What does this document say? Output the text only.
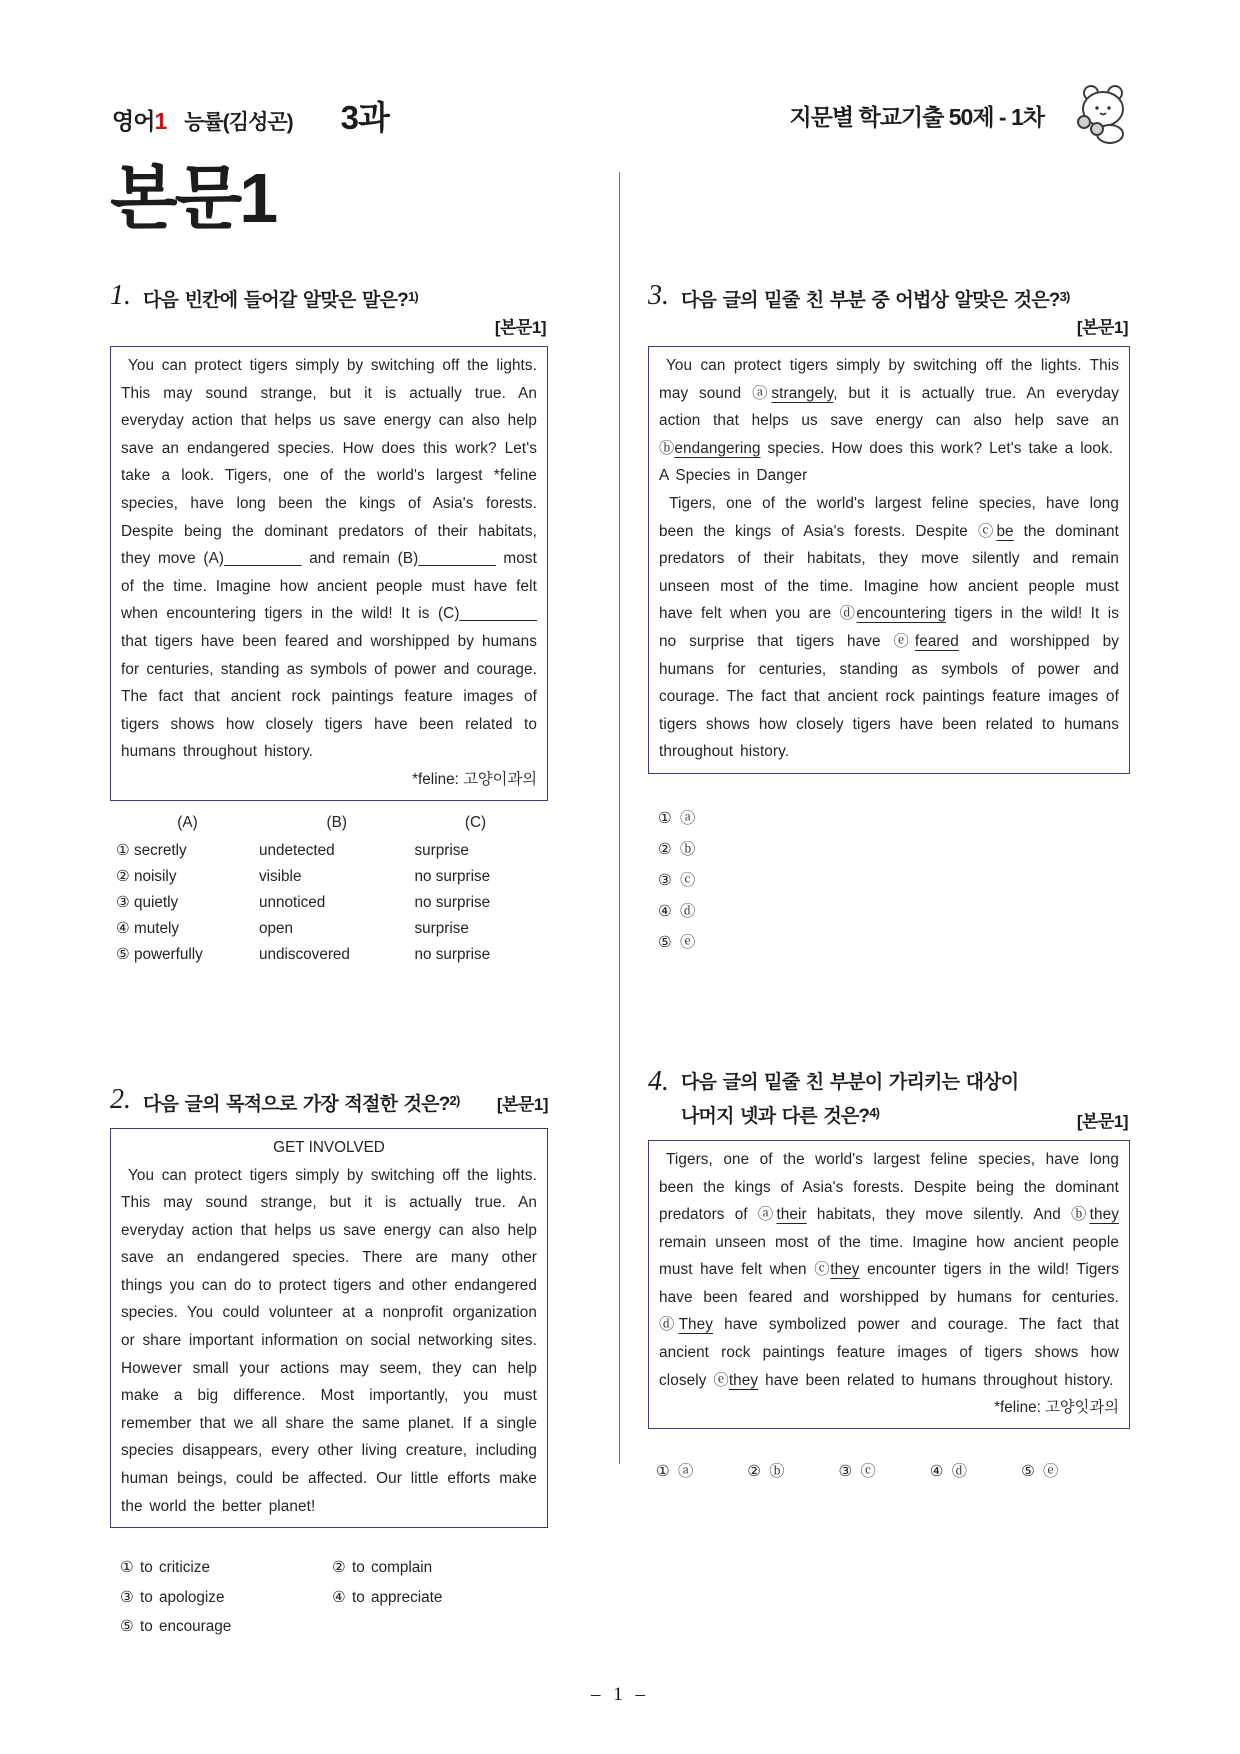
영어1 능률(김성곤) 3과	지문별 학교기출 50제 - 1차
본문1
1. 다음 빈칸에 들어갈 알맞은 말은?$^{1)}$
[본문1]

You can protect tigers simply by switching off the lights. This may sound strange, but it is actually true. An everyday action that helps us save energy can also help save an endangered species. How does this work? Let's take a look. Tigers, one of the world's largest *feline species, have long been the kings of Asia's forests. Despite being the dominant predators of their habitats, they move (A)_________ and remain (B)_________ most of the time. Imagine how ancient people must have felt when encountering tigers in the wild! It is (C)_________ that tigers have been feared and worshipped by humans for centuries, standing as symbols of power and courage. The fact that ancient rock paintings feature images of tigers shows how closely tigers have been related to humans throughout history.

*feline: 고양이과의
(A)	(B)	(C)
① secretly	undetected	surprise
② noisily	visible	no surprise
③ quietly	unnoticed	no surprise
④ mutely	open	surprise
⑤ powerfully	undiscovered	no surprise
2. 다음 글의 목적으로 가장 적절한 것은?$^{2)}$ [본문1]
GET INVOLVED

You can protect tigers simply by switching off the lights. This may sound strange, but it is actually true. An everyday action that helps us save energy can also help save an endangered species. There are many other things you can do to protect tigers and other endangered species. You could volunteer at a nonprofit organization or share important information on social networking sites. However small your actions may seem, they can help make a big difference. Most importantly, you must remember that we all share the same planet. If a single species disappears, every other living creature, including human beings, could be affected. Our little efforts make the world the better planet!

① to criticize	② to complain
③ to apologize	④ to appreciate
⑤ to encourage
3. 다음 글의 밑줄 친 부분 중 어법상 알맞은 것은?$^{3)}$
[본문1]

You can protect tigers simply by switching off the lights. This may sound ⓐstrangely, but it is actually true. An everyday action that helps us save energy can also help save an ⓑendangering species. How does this work? Let's take a look.
A Species in Danger
Tigers, one of the world's largest feline species, have long been the kings of Asia's forests. Despite ⓒbe the dominant predators of their habitats, they move silently and remain unseen most of the time. Imagine how ancient people must have felt when you are ⓓencountering tigers in the wild! It is no surprise that tigers have ⓔfeared and worshipped by humans for centuries, standing as symbols of power and courage. The fact that ancient rock paintings feature images of tigers shows how closely tigers have been related to humans throughout history.

① ⓐ
② ⓑ
③ ⓒ
④ ⓓ
⑤ ⓔ
4. 다음 글의 밑줄 친 부분이 가리키는 대상이 나머지 넷과 다른 것은?$^{4)}$	[본문1]

Tigers, one of the world's largest feline species, have long been the kings of Asia's forests. Despite being the dominant predators of ⓐtheir habitats, they move silently. And ⓑthey remain unseen most of the time. Imagine how ancient people must have felt when ⓒthey encounter tigers in the wild! Tigers have been feared and worshipped by humans for centuries. ⓓThey have symbolized power and courage. The fact that ancient rock paintings feature images of tigers shows how closely ⓔthey have been related to humans throughout history.

*feline: 고양잇과의
① ⓐ	② ⓑ	③ ⓒ	④ ⓓ	⑤ ⓔ
– 1 –
